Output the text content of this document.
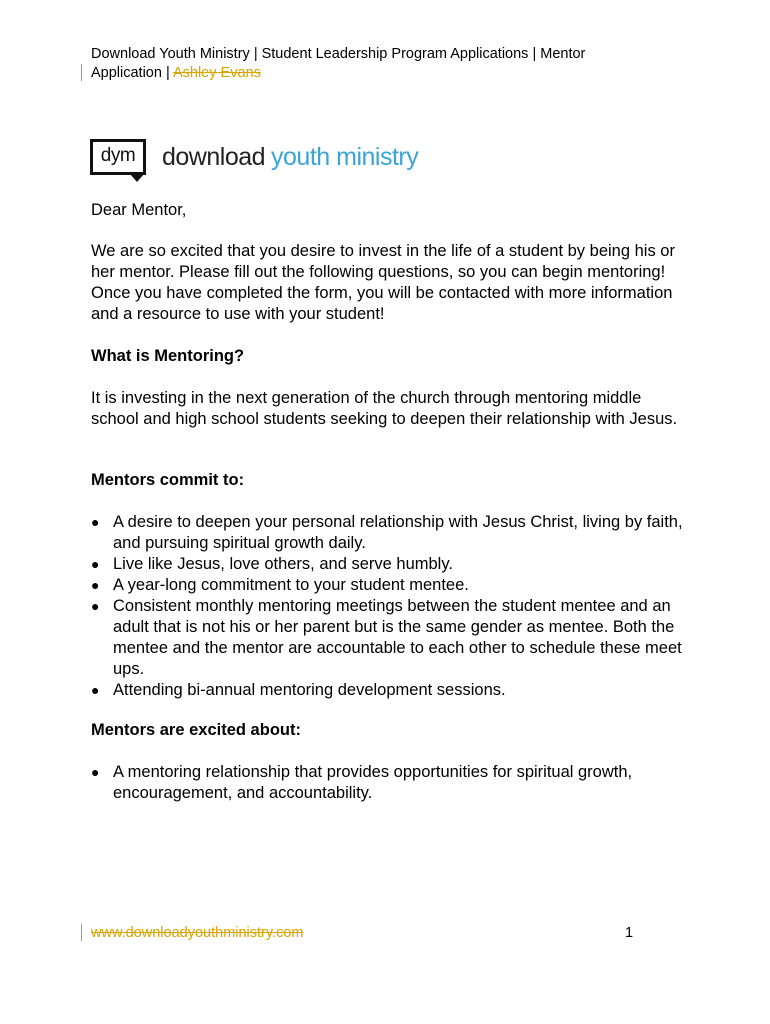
Download Youth Ministry | Student Leadership Program Applications | Mentor
Application | Ashley Evans
dym download youth ministry

Dear Mentor,

We are so excited that you desire to invest in the life of a student by being his or her mentor. Please fill out the following questions, so you can begin mentoring! Once you have completed the form, you will be contacted with more information and a resource to use with your student!

What is Mentoring?

It is investing in the next generation of the church through mentoring middle school and high school students seeking to deepen their relationship with Jesus.

Mentors commit to:

● A desire to deepen your personal relationship with Jesus Christ, living by faith, and pursuing spiritual growth daily.
● Live like Jesus, love others, and serve humbly.
● A year-long commitment to your student mentee.
● Consistent monthly mentoring meetings between the student mentee and an adult that is not his or her parent but is the same gender as mentee. Both the mentee and the mentor are accountable to each other to schedule these meet ups.
● Attending bi-annual mentoring development sessions.

Mentors are excited about:

● A mentoring relationship that provides opportunities for spiritual growth, encouragement, and accountability.
www.downloadyouthministry.com	1
